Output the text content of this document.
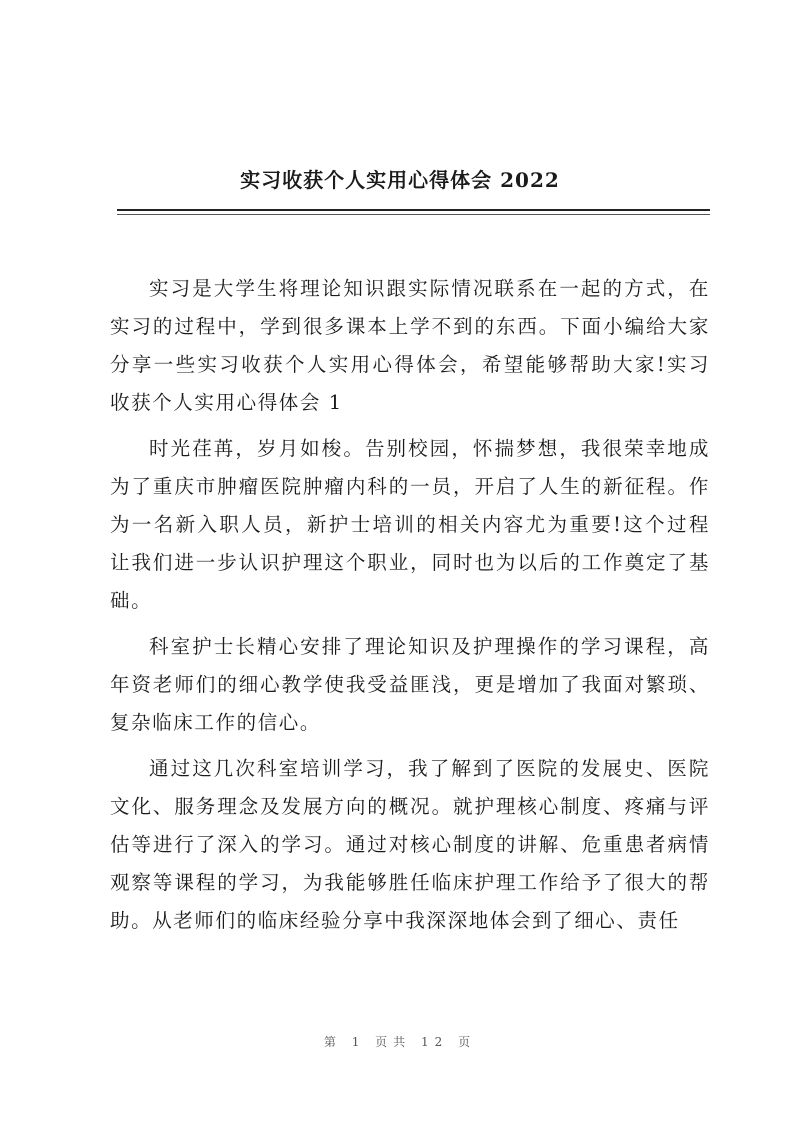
实习收获个人实用心得体会 2022

实习是大学生将理论知识跟实际情况联系在一起的方式，在实习的过程中，学到很多课本上学不到的东西。下面小编给大家分享一些实习收获个人实用心得体会，希望能够帮助大家!实习收获个人实用心得体会 1

时光荏苒，岁月如梭。告别校园，怀揣梦想，我很荣幸地成为了重庆市肿瘤医院肿瘤内科的一员，开启了人生的新征程。作为一名新入职人员，新护士培训的相关内容尤为重要!这个过程让我们进一步认识护理这个职业，同时也为以后的工作奠定了基础。

科室护士长精心安排了理论知识及护理操作的学习课程，高年资老师们的细心教学使我受益匪浅，更是增加了我面对繁琐、复杂临床工作的信心。

通过这几次科室培训学习，我了解到了医院的发展史、医院文化、服务理念及发展方向的概况。就护理核心制度、疼痛与评估等进行了深入的学习。通过对核心制度的讲解、危重患者病情观察等课程的学习，为我能够胜任临床护理工作给予了很大的帮助。从老师们的临床经验分享中我深深地体会到了细心、责任

第 1 页共 12 页
